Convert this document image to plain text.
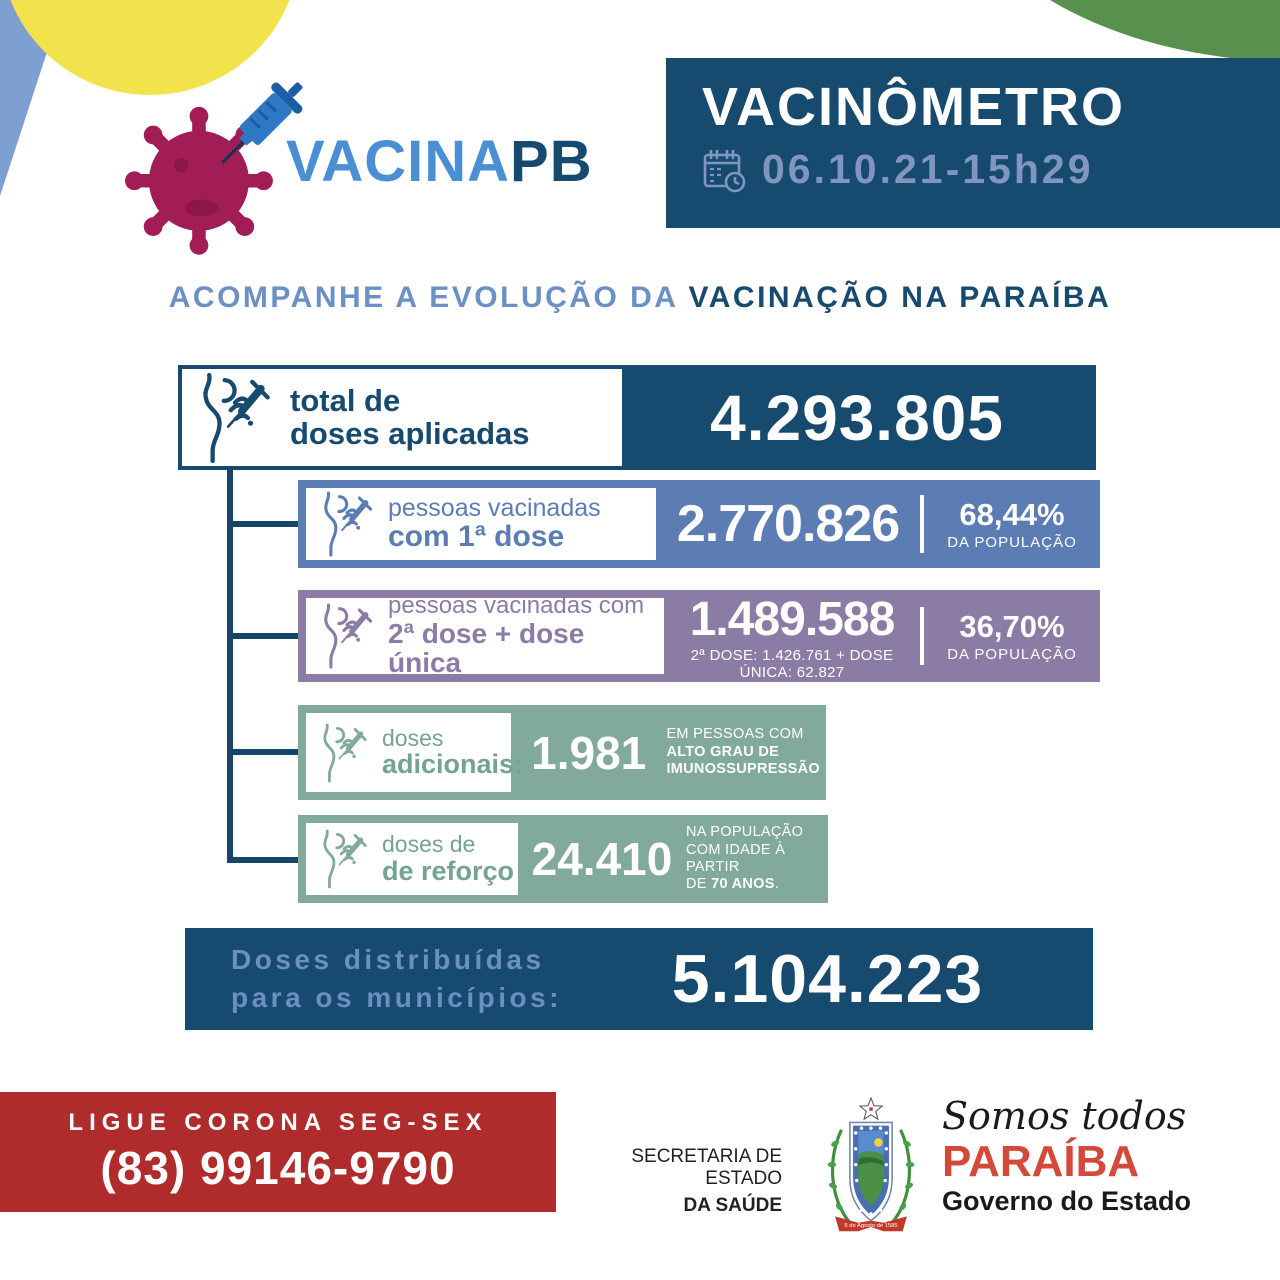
VACINAPB
VACINÔMETRO
06.10.21-15h29
ACOMPANHE A EVOLUÇÃO DA VACINAÇÃO NA PARAÍBA
total de
doses aplicadas	4.293.805
pessoas vacinadas
com 1ª dose	2.770.826	68,44%
DA POPULAÇÃO
pessoas vacinadas com
2ª dose + dose única
1.489.588
2ª DOSE: 1.426.761 + DOSE ÚNICA: 62.827
36,70%
DA POPULAÇÃO
doses
adicionais: 1.981	EM PESSOAS COM
ALTO GRAU DE
IMUNOSSUPRESSÃO
doses de
de reforço 24.410
NA POPULAÇÃO
COM IDADE À PARTIR
DE 70 ANOS.
Doses distribuídas
para os municípios:	5.104.223
LIGUE CORONA SEG-SEX
(83) 99146-9790	SECRETARIA DE ESTADO
DA SAÚDE
5 de Agosto de 1585
Somos todos
PARAÍBA
Governo do Estado
